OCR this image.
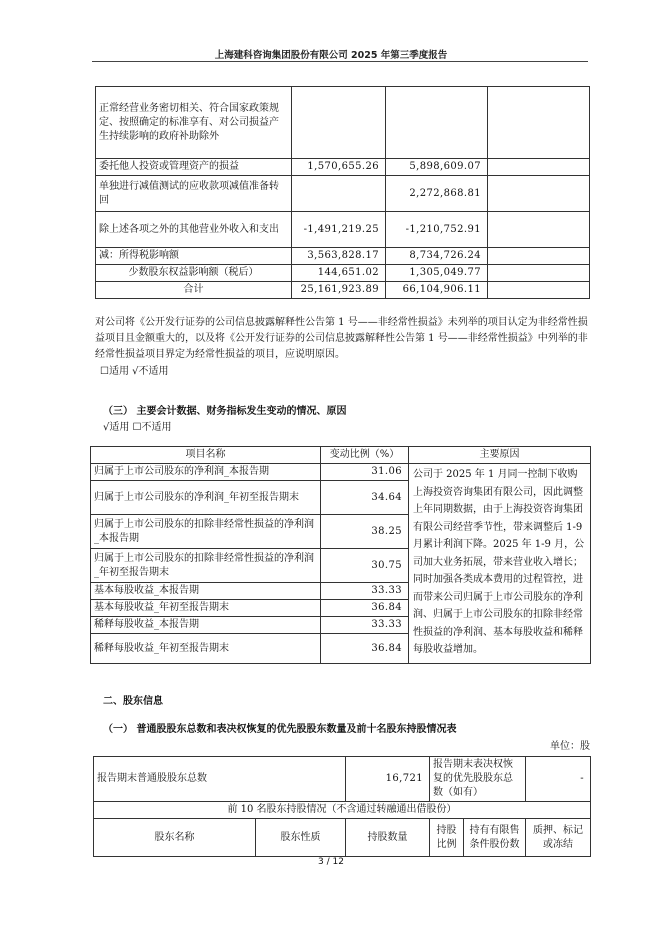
上海建科咨询集团股份有限公司 2025 年第三季度报告
正常经营业务密切相关、符合国家政策规定、按照确定的标准享有、对公司损益产生持续影响的政府补助除外			
委托他人投资或管理资产的损益	1,570,655.26	5,898,609.07	
单独进行减值测试的应收款项减值准备转回		2,272,868.81	
除上述各项之外的其他营业外收入和支出	-1,491,219.25	-1,210,752.91	
减：所得税影响额	3,563,828.17	8,734,726.24	
少数股东权益影响额（税后）	144,651.02	1,305,049.77	
合计	25,161,923.89	66,104,906.11	
对公司将《公开发行证券的公司信息披露解释性公告第 1 号——非经常性损益》未列举的项目认定为非经常性损益项目且金额重大的，以及将《公开发行证券的公司信息披露解释性公告第 1 号——非经常性损益》中列举的非经常性损益项目界定为经常性损益的项目，应说明原因。
☐适用 √不适用
（三） 主要会计数据、财务指标发生变动的情况、原因
√适用 ☐不适用
项目名称	变动比例（%）	主要原因
归属于上市公司股东的净利润_本报告期	31.06	公司于 2025 年 1 月同一控制下收购上海投资咨询集团有限公司，因此调整上年同期数据，由于上海投资咨询集团有限公司经营季节性，带来调整后 1-9 月累计利润下降。2025 年 1-9 月，公司加大业务拓展，带来营业收入增长；同时加强各类成本费用的过程管控，进而带来公司归属于上市公司股东的净利润、归属于上市公司股东的扣除非经常性损益的净利润、基本每股收益和稀释每股收益增加。
归属于上市公司股东的净利润_年初至报告期末	34.64	
归属于上市公司股东的扣除非经常性损益的净利润_本报告期	38.25	
归属于上市公司股东的扣除非经常性损益的净利润_年初至报告期末	30.75	
基本每股收益_本报告期	33.33	
基本每股收益_年初至报告期末	36.84	
稀释每股收益_本报告期	33.33	
稀释每股收益_年初至报告期末	36.84	
二、股东信息
（一） 普通股股东总数和表决权恢复的优先股股东数量及前十名股东持股情况表
单位：股
报告期末普通股股东总数		16,721	报告期末表决权恢复的优先股股东总数（如有）		-
前 10 名股东持股情况（不含通过转融通出借股份）					
股东名称	股东性质	持股数量	持股比例	持有有限售条件股份数	质押、标记或冻结
3 / 12
